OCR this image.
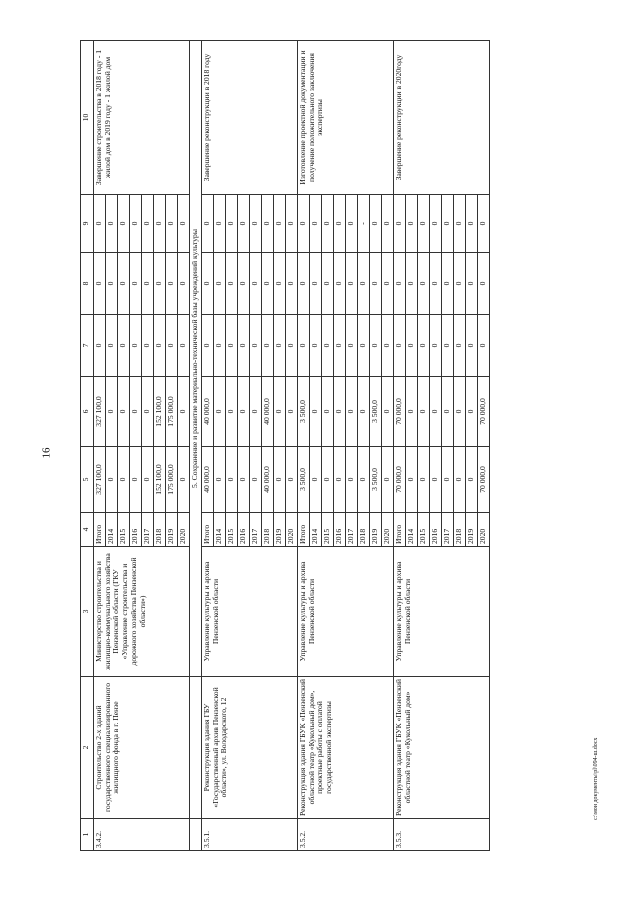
16
c:\мои документы\pl\094-ш.docx
1	2	3	4	5	6	7	8	9	10
3.4.2.	Строительство 2-х зданий государственного специализированного жилищного фонда в г. Пензе	Министерство строительства и жилищно-коммунального хозяйства Пензенской области (ГКУ «Управление строительства и дорожного хозяйства Пензенской области»)	Итого	327 100,0	327 100,0	0	0	0	Завершение строительства в 2018 году - 1 жилой дом в 2019 году - 1 жилой дом
			2014	0	0	0	0	0	
			2015	0	0	0	0	0	
			2016	0	0	0	0	0	
			2017	0	0	0	0	0	
			2018	152 100,0	152 100,0	0	0	0	
			2019	175 000,0	175 000,0	0	0	0	
			2020	0	0	0	0	0	
		5. Сохранение и развитие материально-технической базы учреждений культуры							
3.5.1.	Реконструкция здания ГБУ «Государственный архив Пензенской области», ул. Володарского, 12	Управление культуры и архива Пензенской области	Итого	40 000,0	40 000,0	0	0	0	Завершение реконструкции в 2018 году
			2014	0	0	0	0	0	
			2015	0	0	0	0	0	
			2016	0	0	0	0	0	
			2017	0	0	0	0	0	
			2018	40 000,0	40 000,0	0	0	0	
			2019	0	0	0	0	0	
			2020	0	0	0	0	0	
3.5.2.	Реконструкция здания ГБУК «Пензенский областной театр «Кукольный дом», проектные работы с оплатой государственной экспертизы	Управление культуры и архива Пензенской области	Итого	3 500,0	3 500,0	0	0	0	Изготовление проектной документации и получение положительного заключения экспертизы
			2014	0	0	0	0	0	
			2015	0	0	0	0	0	
			2016	0	0	0	0	0	
			2017	0	0	0	0	0	
			2018	0	0	0	0	-	
			2019	3 500,0	3 500,0	0	0	0	
			2020	0	0	0	0	0	
3.5.3.	Реконструкция здания ГБУК «Пензенский областной театр «Кукольный дом»	Управление культуры и архива Пензенской области	Итого	70 000,0	70 000,0	0	0	0	Завершение реконструкции в 2020году
			2014	0	0	0	0	0	
			2015	0	0	0	0	0	
			2016	0	0	0	0	0	
			2017	0	0	0	0	0	
			2018	0	0	0	0	0	
			2019	0	0	0	0	0	
			2020	70 000,0	70 000,0	0	0	0	
